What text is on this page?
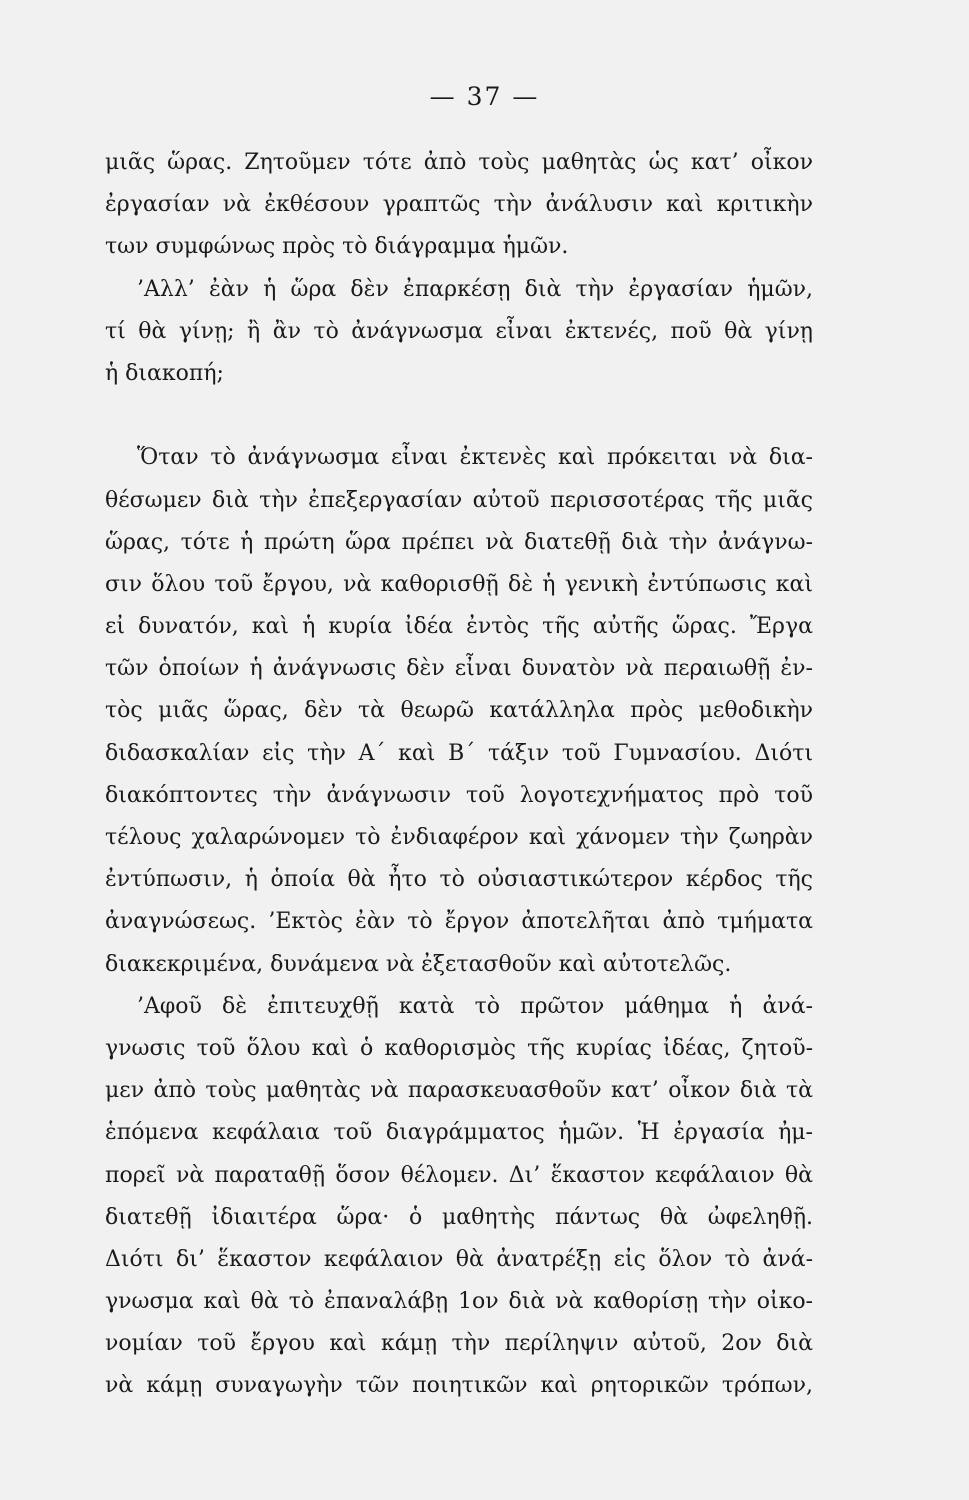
— 37 —
μιᾶς ὥρας. Ζητοῦμεν τότε ἀπὸ τοὺς μαθητὰς ὡς κατ’ οἶκον
ἐργασίαν νὰ ἐκθέσουν γραπτῶς τὴν ἀνάλυσιν καὶ κριτικὴν
των συμφώνως πρὸς τὸ διάγραμμα ἡμῶν.
’Αλλ’ ἐὰν ἡ ὥρα δὲν ἐπαρκέσῃ διὰ τὴν ἐργασίαν ἡμῶν,
τί θὰ γίνῃ; ἢ ἂν τὸ ἀνάγνωσμα εἶναι ἐκτενές, ποῦ θὰ γίνῃ
ἡ διακοπή;
Ὅταν τὸ ἀνάγνωσμα εἶναι ἐκτενὲς καὶ πρόκειται νὰ δια-
θέσωμεν διὰ τὴν ἐπεξεργασίαν αὐτοῦ περισσοτέρας τῆς μιᾶς
ὥρας, τότε ἡ πρώτη ὥρα πρέπει νὰ διατεθῇ διὰ τὴν ἀνάγνω-
σιν ὅλου τοῦ ἔργου, νὰ καθορισθῇ δὲ ἡ γενικὴ ἐντύπωσις καὶ
εἰ δυνατόν, καὶ ἡ κυρία ἰδέα ἐντὸς τῆς αὐτῆς ὥρας. Ἔργα
τῶν ὁποίων ἡ ἀνάγνωσις δὲν εἶναι δυνατὸν νὰ περαιωθῇ ἐν-
τὸς μιᾶς ὥρας, δὲν τὰ θεωρῶ κατάλληλα πρὸς μεθοδικὴν
διδασκαλίαν εἰς τὴν Α΄ καὶ Β΄ τάξιν τοῦ Γυμνασίου. Διότι
διακόπτοντες τὴν ἀνάγνωσιν τοῦ λογοτεχνήματος πρὸ τοῦ
τέλους χαλαρώνομεν τὸ ἐνδιαφέρον καὶ χάνομεν τὴν ζωηρὰν
ἐντύπωσιν, ἡ ὁποία θὰ ἦτο τὸ οὐσιαστικώτερον κέρδος τῆς
ἀναγνώσεως. ’Εκτὸς ἐὰν τὸ ἔργον ἀποτελῆται ἀπὸ τμήματα
διακεκριμένα, δυνάμενα νὰ ἐξετασθοῦν καὶ αὐτοτελῶς.
’Αφοῦ δὲ ἐπιτευχθῇ κατὰ τὸ πρῶτον μάθημα ἡ ἀνά-
γνωσις τοῦ ὅλου καὶ ὁ καθορισμὸς τῆς κυρίας ἰδέας, ζητοῦ-
μεν ἀπὸ τοὺς μαθητὰς νὰ παρασκευασθοῦν κατ’ οἶκον διὰ τὰ
ἑπόμενα κεφάλαια τοῦ διαγράμματος ἡμῶν. Ἡ ἐργασία ἠμ-
πορεῖ νὰ παραταθῇ ὅσον θέλομεν. Δι’ ἕκαστον κεφάλαιον θὰ
διατεθῇ ἰδιαιτέρα ὥρα· ὁ μαθητὴς πάντως θὰ ὠφεληθῇ.
Διότι δι’ ἕκαστον κεφάλαιον θὰ ἀνατρέξῃ εἰς ὅλον τὸ ἀνά-
γνωσμα καὶ θὰ τὸ ἐπαναλάβῃ 1ον διὰ νὰ καθορίσῃ τὴν οἰκο-
νομίαν τοῦ ἔργου καὶ κάμῃ τὴν περίληψιν αὐτοῦ, 2ον διὰ
νὰ κάμῃ συναγωγὴν τῶν ποιητικῶν καὶ ρητορικῶν τρόπων,
